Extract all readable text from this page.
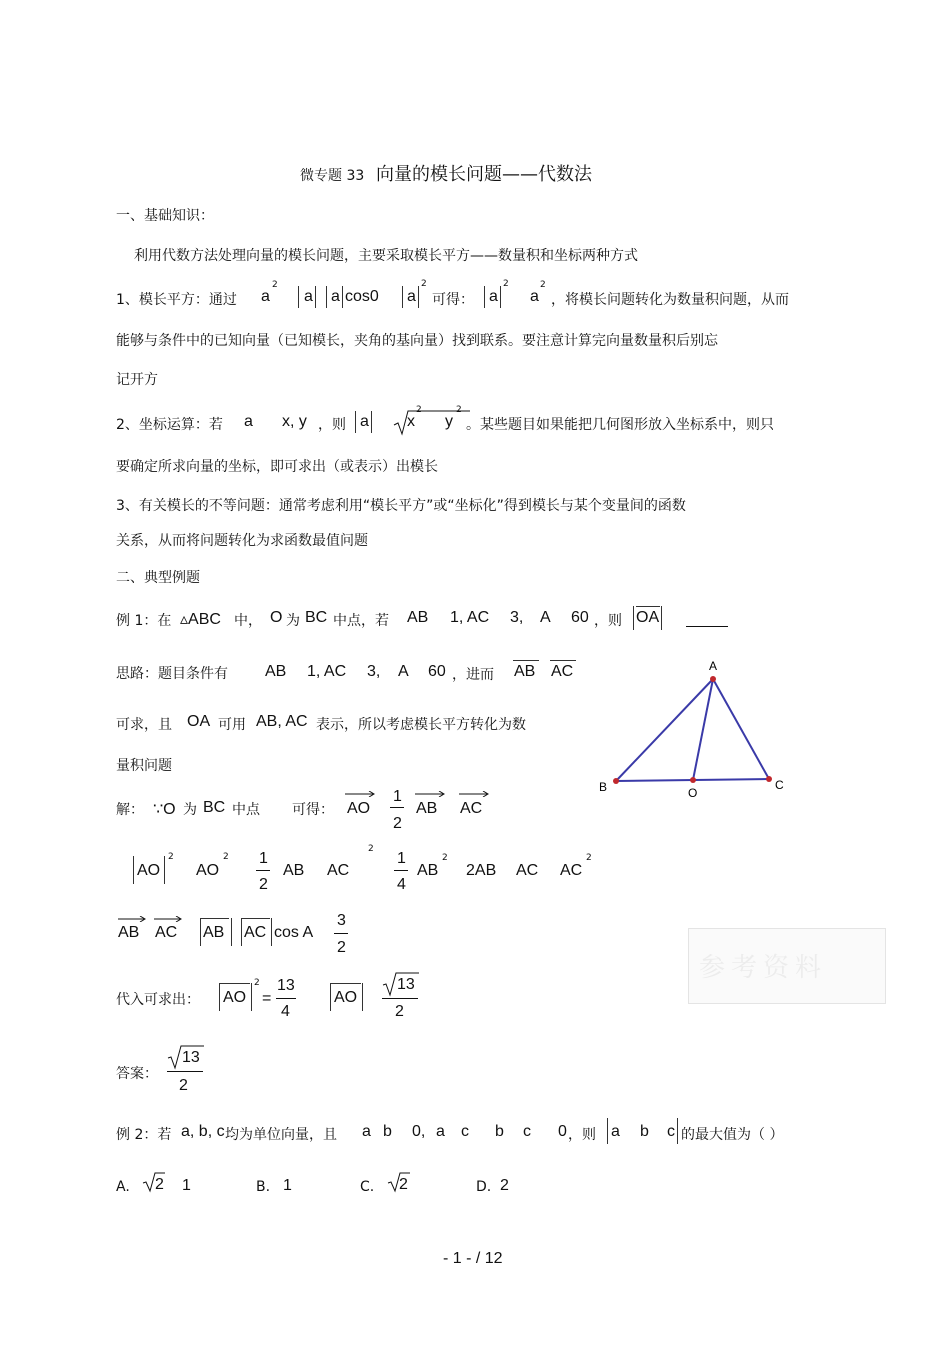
微专题 33 向量的模长问题——代数法
一、基础知识：
利用代数方法处理向量的模长问题，主要采取模长平方——数量积和坐标两种方式
1、模长平方：通过 a
2
a a cos0 a
2
可得： a
2
a
2
，将模长问题转化为数量积问题，从而
能够与条件中的已知向量（已知模长，夹角的基向量）找到联系。要注意计算完向量数量积后别忘
记开方
2、坐标运算：若 a x, y ，则 a x
2
y
2
。某些题目如果能把几何图形放入坐标系中，则只
要确定所求向量的坐标，即可求出（或表示）出模长
3、有关模长的不等问题：通常考虑利用“模长平方”或“坐标化”得到模长与某个变量间的函数
关系，从而将问题转化为求函数最值问题
二、典型例题
例 1：在 ▵ABC 中， O 为 BC 中点，若 AB 1, AC 3, A 60 ，则 OA
思路：题目条件有 AB 1, AC 3, A 60 ，进而 AB AC
可求，且 OA 可用 AB, AC 表示，所以考虑模长平方转化为数
量积问题
A
B	C
O
解： ∵O 为 BC 中点 可得： AO
1
2
AB AC
AO
2
AO
2 1
2
AB AC
2
1
4
AB
2
2AB AC AC
2
AB AC AB AC cos A
3
2
代入可求出： AO
2
=
13
4
AO
13
2
答案：
13
2
例 2：若 a, b, c 均为单位向量，且 a b 0, a c b c 0 ，则 a b c 的最大值为（ ）
A. 2 1	B. 1	C. 2	D. 2
参考资料
- 1 - / 12
